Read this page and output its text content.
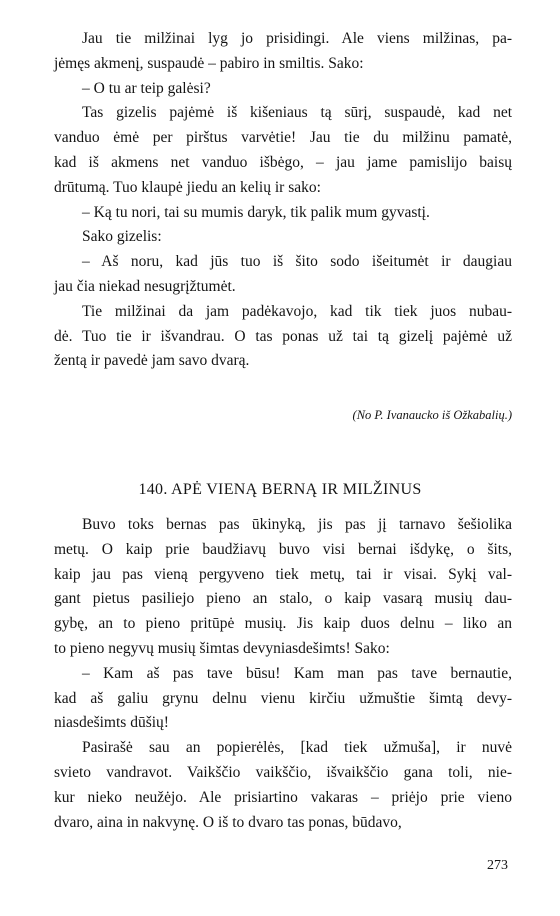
Jau tie milžinai lyg jo prisidingi. Ale viens milžinas, pa-
jėmęs akmenį, suspaudė – pabiro in smiltis. Sako:
– O tu ar teip galėsi?
Tas gizelis pajėmė iš kišeniaus tą sūrį, suspaudė, kad net
vanduo ėmė per pirštus varvėtie! Jau tie du milžinu pamatė,
kad iš akmens net vanduo išbėgo, – jau jame pamislijo baisų
drūtumą. Tuo klaupė jiedu an kelių ir sako:
– Ką tu nori, tai su mumis daryk, tik palik mum gyvastį.
Sako gizelis:
– Aš noru, kad jūs tuo iš šito sodo išeitumėt ir daugiau
jau čia niekad nesugrįžtumėt.
Tie milžinai da jam padėkavojo, kad tik tiek juos nubau-
dė. Tuo tie ir išvandrau. O tas ponas už tai tą gizelį pajėmė už
žentą ir pavedė jam savo dvarą.
(No P. Ivanaucko iš Ožkabalių.)
140. APĖ VIENĄ BERNĄ IR MILŽINUS
Buvo toks bernas pas ūkinyką, jis pas jį tarnavo šešiolika
metų. O kaip prie baudžiavų buvo visi bernai išdykę, o šits,
kaip jau pas vieną pergyveno tiek metų, tai ir visai. Sykį val-
gant pietus pasiliejo pieno an stalo, o kaip vasarą musių dau-
gybę, an to pieno pritūpė musių. Jis kaip duos delnu – liko an
to pieno negyvų musių šimtas devyniasdešimts! Sako:
– Kam aš pas tave būsu! Kam man pas tave bernautie,
kad aš galiu grynu delnu vienu kirčiu užmuštie šimtą devy-
niasdešimts dūšių!
Pasirašė sau an popierėlės, [kad tiek užmuša], ir nuvė
svieto vandravot. Vaikščio vaikščio, išvaikščio gana toli, nie-
kur nieko neužėjo. Ale prisiartino vakaras – priėjo prie vieno
dvaro, aina in nakvynę. O iš to dvaro tas ponas, būdavo,
273
